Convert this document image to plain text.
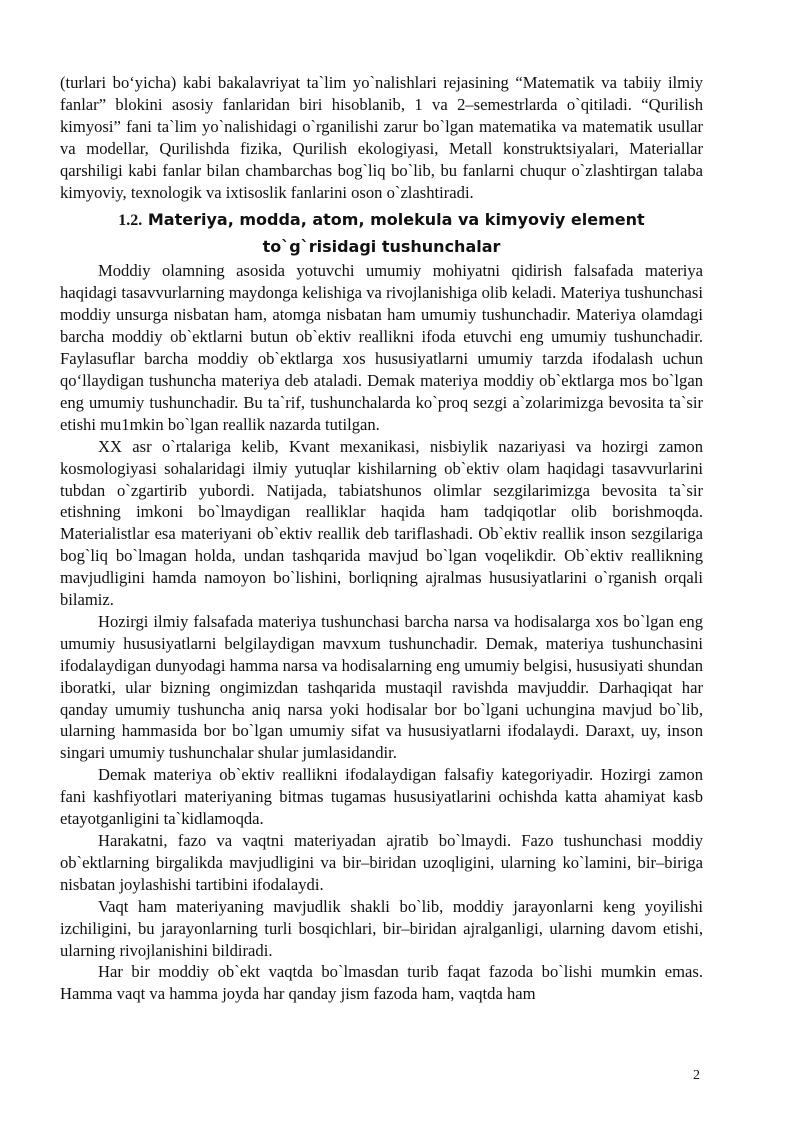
(turlari bo‘yicha) kabi bakalavriyat ta`lim yo`nalishlari rejasining “Matematik va tabiiy ilmiy fanlar” blokini asosiy fanlaridan biri hisoblanib, 1 va 2–semestrlarda o`qitiladi. “Qurilish kimyosi” fani ta`lim yo`nalishidagi o`rganilishi zarur bo`lgan matematika va matematik usullar va modellar, Qurilishda fizika, Qurilish ekologiyasi, Metall konstruktsiyalari, Materiallar qarshiligi kabi fanlar bilan chambarchas bog`liq bo`lib, bu fanlarni chuqur o`zlashtirgan talaba kimyoviy, texnologik va ixtisoslik fanlarini oson o`zlashtiradi.

1.2. Materiya, modda, atom, molekula va kimyoviy element
to`g`risidagi tushunchalar

Moddiy olamning asosida yotuvchi umumiy mohiyatni qidirish falsafada materiya haqidagi tasavvurlarning maydonga kelishiga va rivojlanishiga olib keladi. Materiya tushunchasi moddiy unsurga nisbatan ham, atomga nisbatan ham umumiy tushunchadir. Materiya olamdagi barcha moddiy ob`ektlarni butun ob`ektiv reallikni ifoda etuvchi eng umumiy tushunchadir. Faylasuflar barcha moddiy ob`ektlarga xos hususiyatlarni umumiy tarzda ifodalash uchun qo‘llaydigan tushuncha materiya deb ataladi. Demak materiya moddiy ob`ektlarga mos bo`lgan eng umumiy tushunchadir. Bu ta`rif, tushunchalarda ko`proq sezgi a`zolarimizga bevosita ta`sir etishi mu1mkin bo`lgan reallik nazarda tutilgan.

XX asr o`rtalariga kelib, Kvant mexanikasi, nisbiylik nazariyasi va hozirgi zamon kosmologiyasi sohalaridagi ilmiy yutuqlar kishilarning ob`ektiv olam haqidagi tasavvurlarini tubdan o`zgartirib yubordi. Natijada, tabiatshunos olimlar sezgilarimizga bevosita ta`sir etishning imkoni bo`lmaydigan realliklar haqida ham tadqiqotlar olib borishmoqda. Materialistlar esa materiyani ob`ektiv reallik deb tariflashadi. Ob`ektiv reallik inson sezgilariga bog`liq bo`lmagan holda, undan tashqarida mavjud bo`lgan voqelikdir. Ob`ektiv reallikning mavjudligini hamda namoyon bo`lishini, borliqning ajralmas hususiyatlarini o`rganish orqali bilamiz.

Hozirgi ilmiy falsafada materiya tushunchasi barcha narsa va hodisalarga xos bo`lgan eng umumiy hususiyatlarni belgilaydigan mavxum tushunchadir. Demak, materiya tushunchasini ifodalaydigan dunyodagi hamma narsa va hodisalarning eng umumiy belgisi, hususiyati shundan iboratki, ular bizning ongimizdan tashqarida mustaqil ravishda mavjuddir. Darhaqiqat har qanday umumiy tushuncha aniq narsa yoki hodisalar bor bo`lgani uchungina mavjud bo`lib, ularning hammasida bor bo`lgan umumiy sifat va hususiyatlarni ifodalaydi. Daraxt, uy, inson singari umumiy tushunchalar shular jumlasidandir.

Demak materiya ob`ektiv reallikni ifodalaydigan falsafiy kategoriyadir. Hozirgi zamon fani kashfiyotlari materiyaning bitmas tugamas hususiyatlarini ochishda katta ahamiyat kasb etayotganligini ta`kidlamoqda.

Harakatni, fazo va vaqtni materiyadan ajratib bo`lmaydi. Fazo tushunchasi moddiy ob`ektlarning birgalikda mavjudligini va bir–biridan uzoqligini, ularning ko`lamini, bir–biriga nisbatan joylashishi tartibini ifodalaydi.

Vaqt ham materiyaning mavjudlik shakli bo`lib, moddiy jarayonlarni keng yoyilishi izchiligini, bu jarayonlarning turli bosqichlari, bir–biridan ajralganligi, ularning davom etishi, ularning rivojlanishini bildiradi.

Har bir moddiy ob`ekt vaqtda bo`lmasdan turib faqat fazoda bo`lishi mumkin emas. Hamma vaqt va hamma joyda har qanday jism fazoda ham, vaqtda ham

2
